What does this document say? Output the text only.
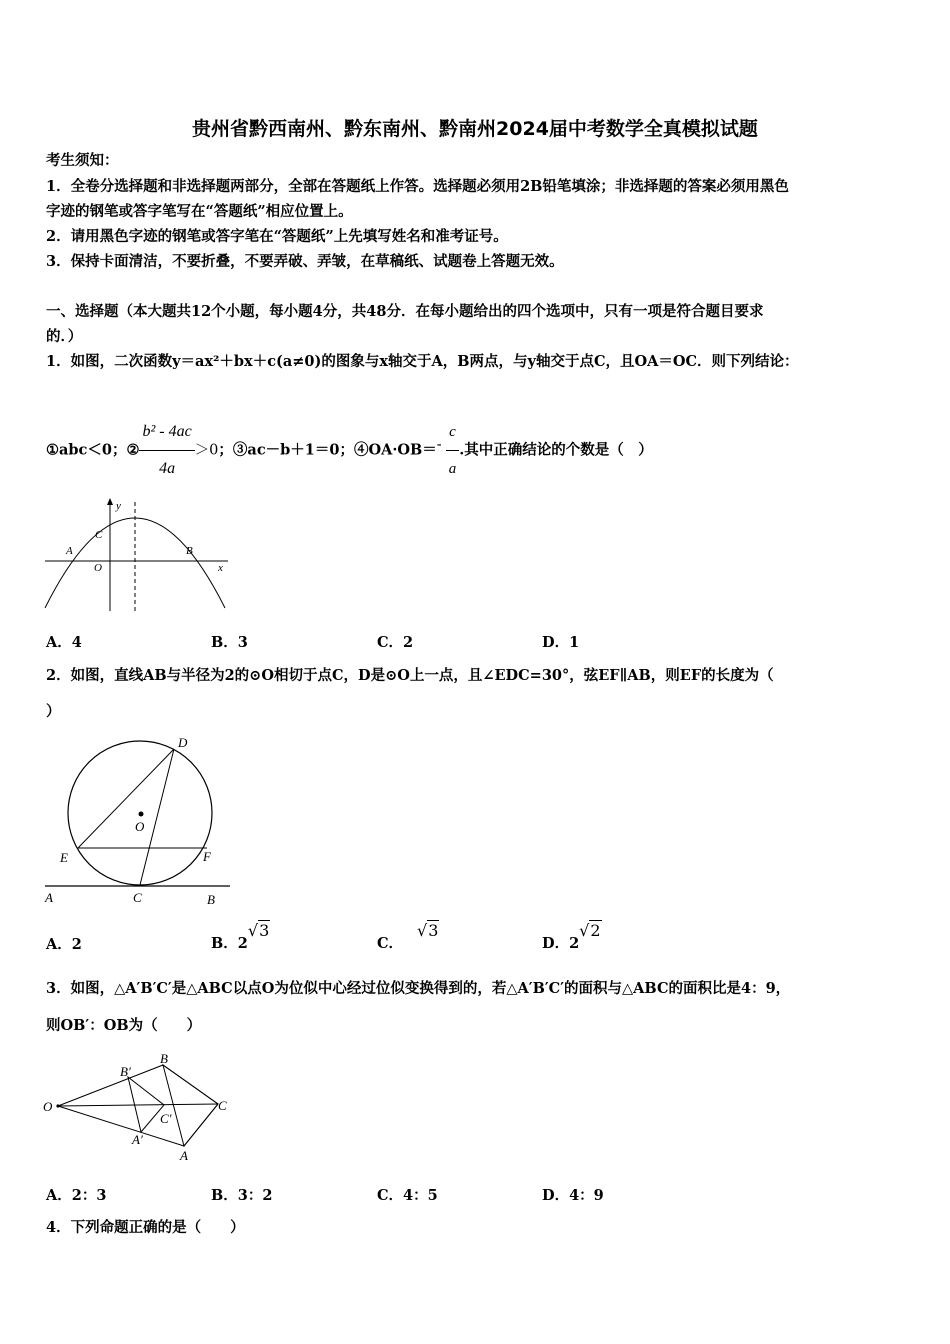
贵州省黔西南州、黔东南州、黔南州2024届中考数学全真模拟试题
考生须知：
1．全卷分选择题和非选择题两部分，全部在答题纸上作答。选择题必须用2B铅笔填涂；非选择题的答案必须用黑色
字迹的钢笔或答字笔写在“答题纸”相应位置上。
2．请用黑色字迹的钢笔或答字笔在“答题纸”上先填写姓名和准考证号。
3．保持卡面清洁，不要折叠，不要弄破、弄皱，在草稿纸、试题卷上答题无效。
一、选择题（本大题共12个小题，每小题4分，共48分．在每小题给出的四个选项中，只有一项是符合题目要求
的．）
1．如图，二次函数y＝ax²＋bx＋c(a≠0)的图象与x轴交于A，B两点，与y轴交于点C，且OA＝OC．则下列结论：
①abc＜0；② $\frac{\text{b² - 4ac}}{4a} >0$；③ac－b＋1＝0；④OA·OB＝- $\frac{c}{a}$ .其中正确结论的个数是（　）
y
x
A	B
C
O
A．4	B．3	C．2	D．1
2．如图，直线AB与半径为2的⊙O相切于点C，D是⊙O上一点，且∠EDC=30°，弦EF∥AB，则EF的长度为（
）
D
O
E	F
A	C	B
A．2	B．2√3
C．√3
D．2√2
3．如图，△A′B′C′是△ABC以点O为位似中心经过位似变换得到的，若△A′B′C′的面积与△ABC的面积比是4：9，
则OB′：OB为（　　）
O
B′
B
C′
C
A′
A
A．2：3	B．3：2	C．4：5	D．4：9
4．下列命题正确的是（　　）
